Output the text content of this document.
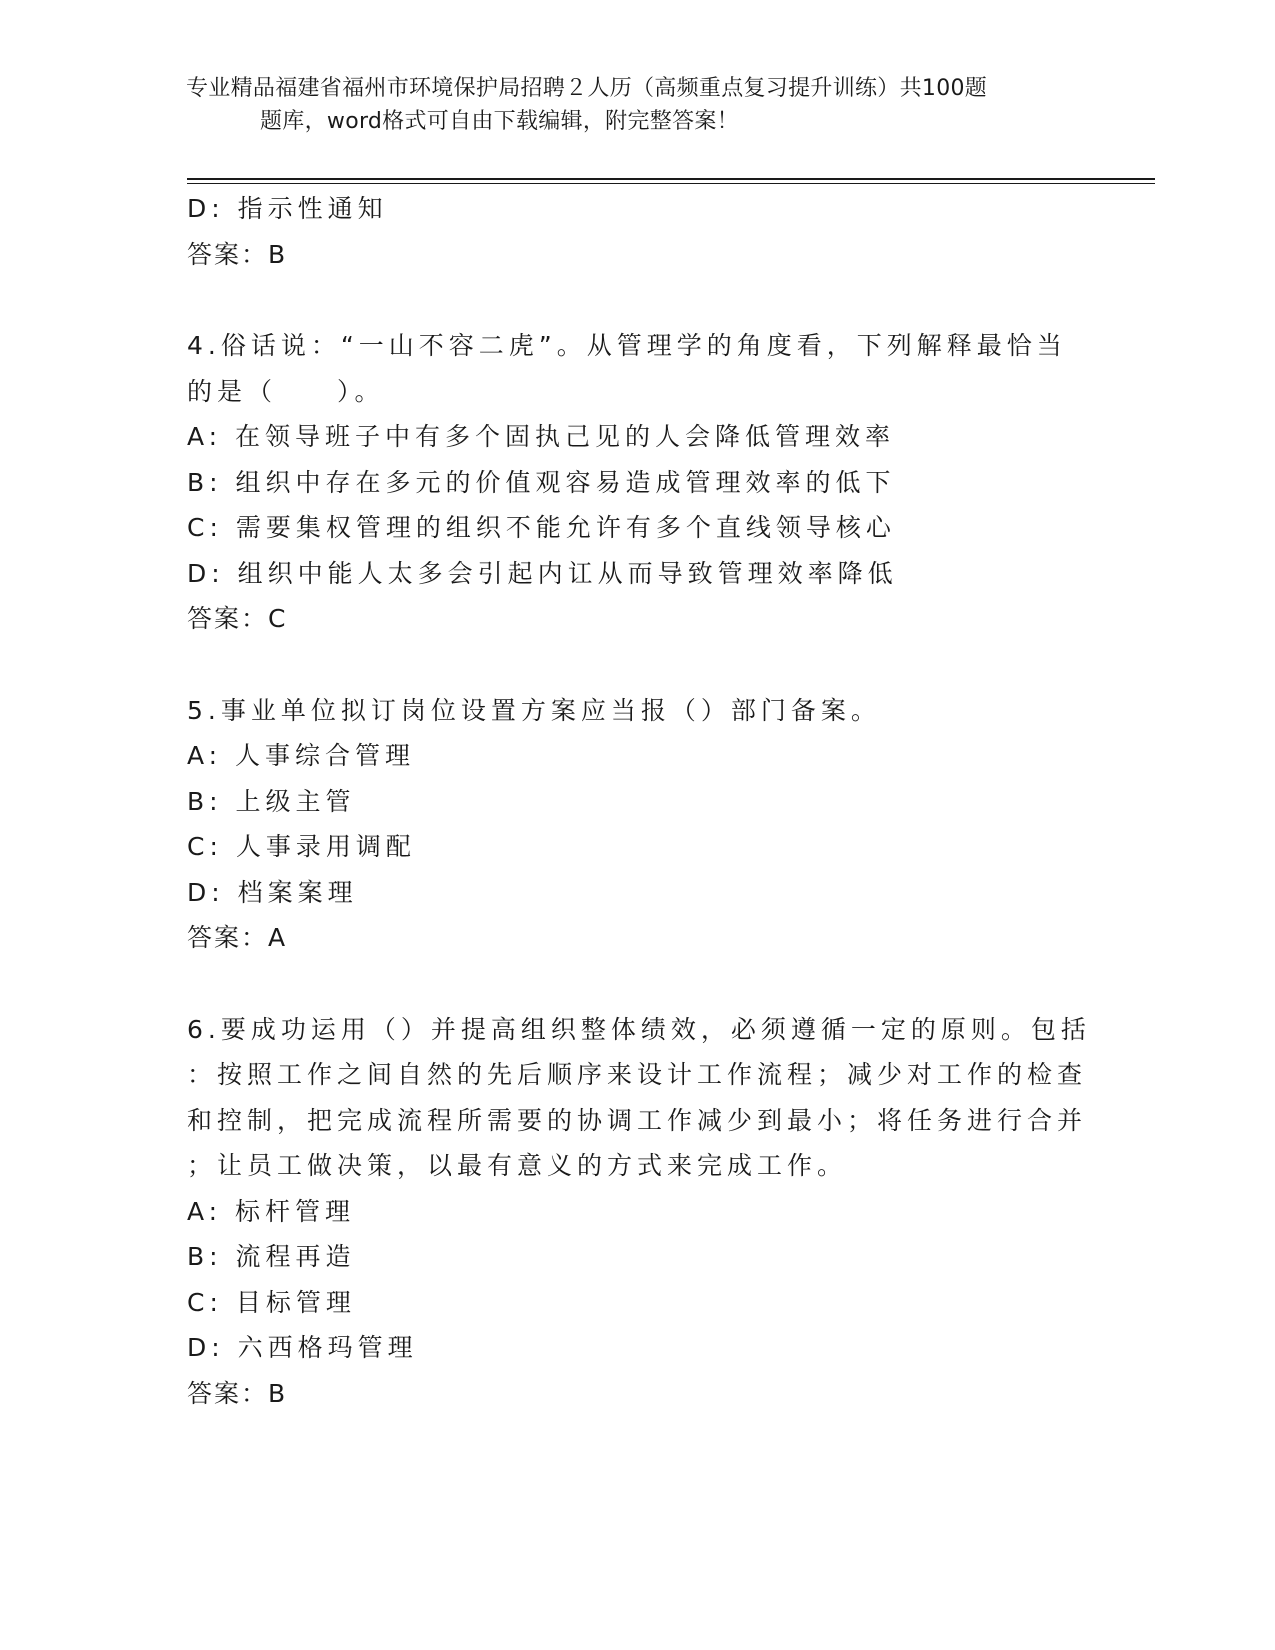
专业精品福建省福州市环境保护局招聘２人历（高频重点复习提升训练）共100题
题库，word格式可自由下载编辑，附完整答案！
D: 指示性通知
答案：B
4.俗话说：“一山不容二虎”。从管理学的角度看，下列解释最恰当
的是（　　）。
A: 在领导班子中有多个固执己见的人会降低管理效率
B: 组织中存在多元的价值观容易造成管理效率的低下
C: 需要集权管理的组织不能允许有多个直线领导核心
D: 组织中能人太多会引起内讧从而导致管理效率降低
答案：C
5.事业单位拟订岗位设置方案应当报（）部门备案。
A: 人事综合管理
B: 上级主管
C: 人事录用调配
D: 档案案理
答案：A
6.要成功运用（）并提高组织整体绩效，必须遵循一定的原则。包括
：按照工作之间自然的先后顺序来设计工作流程；减少对工作的检查
和控制，把完成流程所需要的协调工作减少到最小；将任务进行合并
；让员工做决策，以最有意义的方式来完成工作。
A: 标杆管理
B: 流程再造
C: 目标管理
D: 六西格玛管理
答案：B
